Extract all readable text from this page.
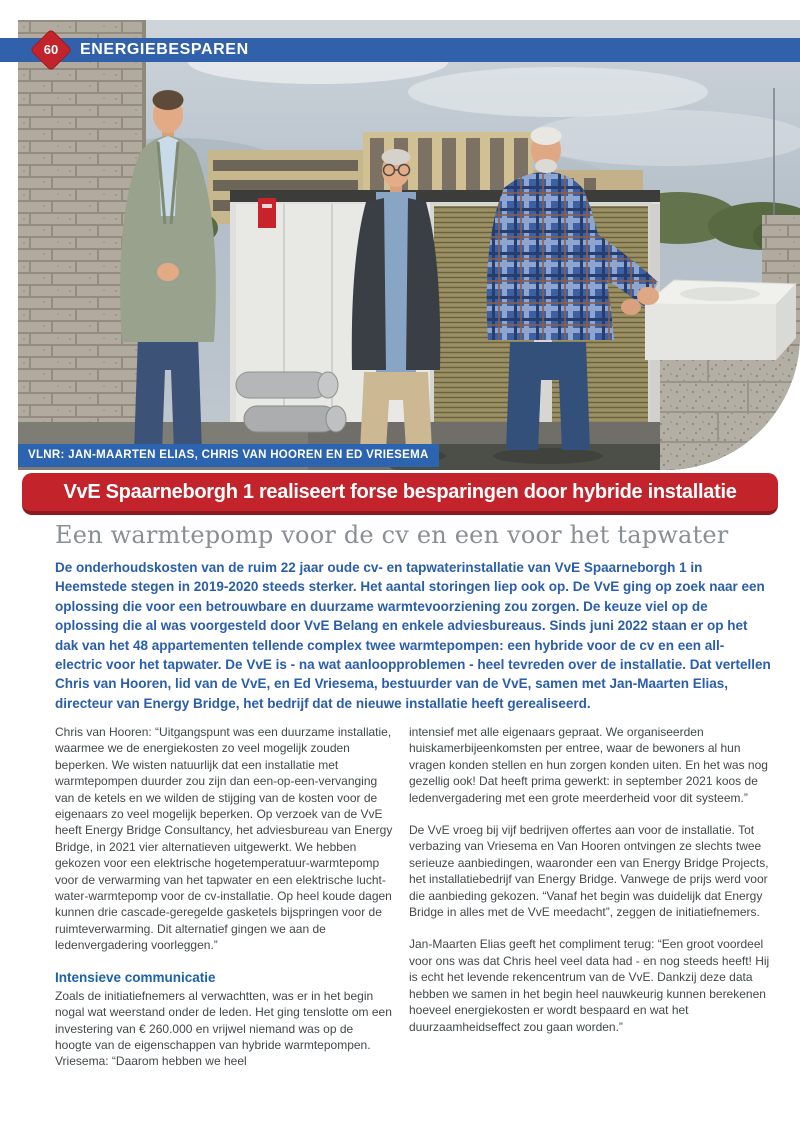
ENERGIEBESPAREN
60
VLNR: JAN-MAARTEN ELIAS, CHRIS VAN HOOREN EN ED VRIESEMA
VvE Spaarneborgh 1 realiseert forse besparingen door hybride installatie
Een warmtepomp voor de cv en een voor het tapwater
De onderhoudskosten van de ruim 22 jaar oude cv- en tapwaterinstallatie van VvE Spaarneborgh 1 in Heemstede stegen in 2019-2020 steeds sterker. Het aantal storingen liep ook op. De VvE ging op zoek naar een oplossing die voor een betrouwbare en duurzame warmtevoorziening zou zorgen. De keuze viel op de oplossing die al was voorgesteld door VvE Belang en enkele adviesbureaus. Sinds juni 2022 staan er op het dak van het 48 appartementen tellende complex twee warmtepompen: een hybride voor de cv en een all-electric voor het tapwater. De VvE is - na wat aanloopproblemen - heel tevreden over de installatie. Dat vertellen Chris van Hooren, lid van de VvE, en Ed Vriesema, bestuurder van de VvE, samen met Jan-Maarten Elias, directeur van Energy Bridge, het bedrijf dat de nieuwe installatie heeft gerealiseerd.

Chris van Hooren: “Uitgangspunt was een duurzame installatie, waarmee we de energiekosten zo veel mogelijk zouden beperken. We wisten natuurlijk dat een installatie met warmtepompen duurder zou zijn dan een-op-een-vervanging van de ketels en we wilden de stijging van de kosten voor de eigenaars zo veel mogelijk beperken. Op verzoek van de VvE heeft Energy Bridge Consultancy, het adviesbureau van Energy Bridge, in 2021 vier alternatieven uitgewerkt. We hebben gekozen voor een elektrische hogetemperatuur-warmtepomp voor de verwarming van het tapwater en een elektrische lucht-water-warmtepomp voor de cv-installatie. Op heel koude dagen kunnen drie cascade-geregelde gasketels bijspringen voor de ruimteverwarming. Dit alternatief gingen we aan de ledenvergadering voorleggen.”

Intensieve communicatie

Zoals de initiatiefnemers al verwachtten, was er in het begin nogal wat weerstand onder de leden. Het ging tenslotte om een investering van € 260.000 en vrijwel niemand was op de hoogte van de eigenschappen van hybride warmtepompen. Vriesema: “Daarom hebben we heel

intensief met alle eigenaars gepraat. We organiseerden huiskamerbijeenkomsten per entree, waar de bewoners al hun vragen konden stellen en hun zorgen konden uiten. En het was nog gezellig ook! Dat heeft prima gewerkt: in september 2021 koos de ledenvergadering met een grote meerderheid voor dit systeem.”

De VvE vroeg bij vijf bedrijven offertes aan voor de installatie. Tot verbazing van Vriesema en Van Hooren ontvingen ze slechts twee serieuze aanbiedingen, waaronder een van Energy Bridge Projects, het installatiebedrijf van Energy Bridge. Vanwege de prijs werd voor die aanbieding gekozen. “Vanaf het begin was duidelijk dat Energy Bridge in alles met de VvE meedacht”, zeggen de initiatiefnemers.

Jan-Maarten Elias geeft het compliment terug: “Een groot voordeel voor ons was dat Chris heel veel data had - en nog steeds heeft! Hij is echt het levende rekencentrum van de VvE. Dankzij deze data hebben we samen in het begin heel nauwkeurig kunnen berekenen hoeveel energiekosten er wordt bespaard en wat het duurzaamheidseffect zou gaan worden.”
